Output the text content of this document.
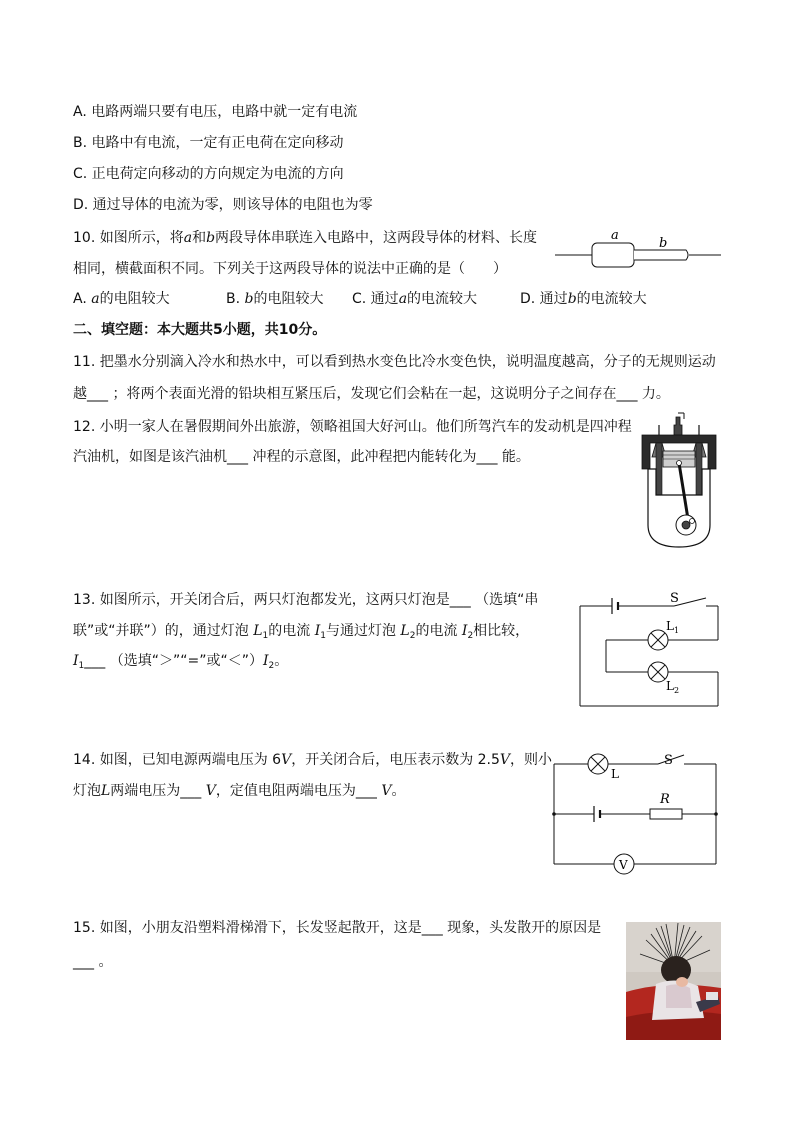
A. 电路两端只要有电压，电路中就一定有电流
B. 电路中有电流，一定有正电荷在定向移动
C. 正电荷定向移动的方向规定为电流的方向
D. 通过导体的电流为零，则该导体的电阻也为零
10. 如图所示，将a和b两段导体串联连入电路中，这两段导体的材料、长度
相同，横截面积不同。下列关于这两段导体的说法中正确的是（　　）
A. a的电阻较大	B. b的电阻较大 C. 通过a的电流较大	D. 通过b的电流较大
a
b
二、填空题：本大题共5小题，共10分。
11. 把墨水分别滴入冷水和热水中，可以看到热水变色比冷水变色快，说明温度越高，分子的无规则运动
越___ ；将两个表面光滑的铅块相互紧压后，发现它们会粘在一起，这说明分子之间存在___ 力。
12. 小明一家人在暑假期间外出旅游，领略祖国大好河山。他们所驾汽车的发动机是四冲程
汽油机，如图是该汽油机___ 冲程的示意图，此冲程把内能转化为___ 能。
13. 如图所示，开关闭合后，两只灯泡都发光，这两只灯泡是___ （选填“串
联”或“并联”）的，通过灯泡 $L_1$的电流 $I_1$与通过灯泡 $L_2$的电流 $I_2$相比较，
$I_1\_\_\_$ （选填“＞”“=”或“$<”)I_2$。
S
$L_1$
$L_2$
14. 如图，已知电源两端电压为 6V，开关闭合后，电压表示数为 2.5V，则小
灯泡L两端电压为___ V，定值电阻两端电压为___ V。
L
S
R
V
15. 如图，小朋友沿塑料滑梯滑下，长发竖起散开，这是___ 现象，头发散开的原因是
___ 。
